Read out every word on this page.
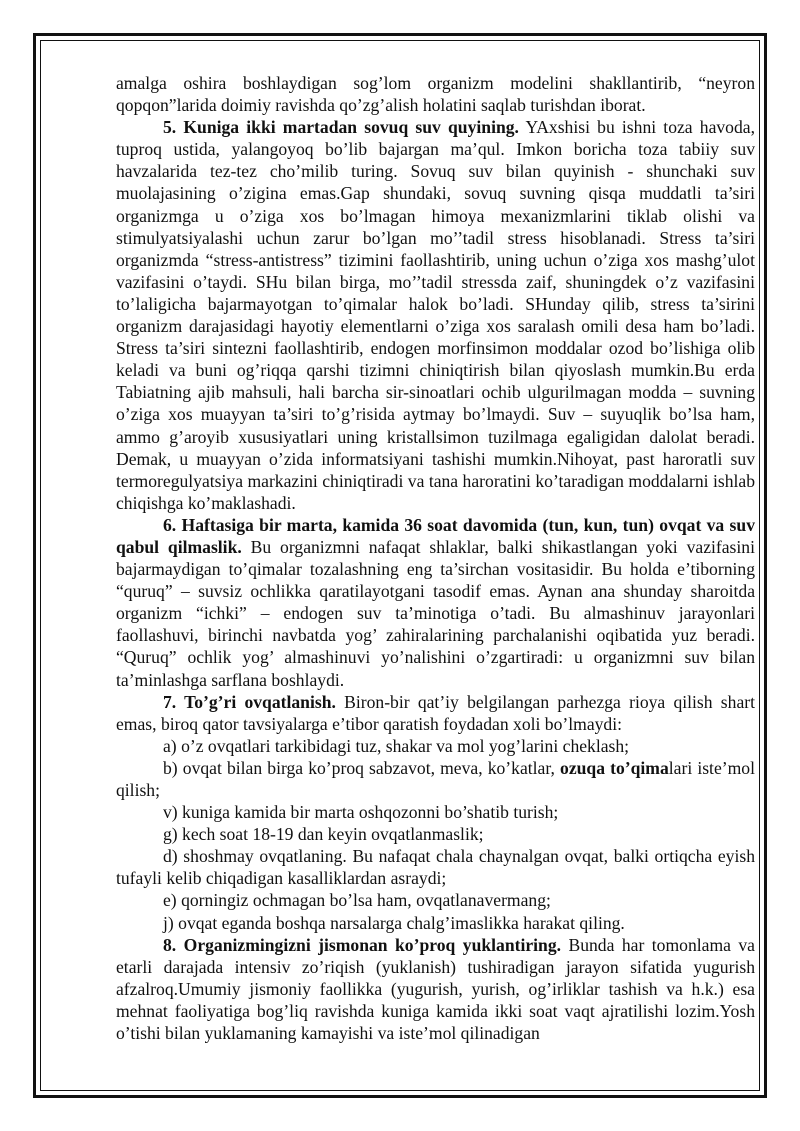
amalga oshira boshlaydigan sog’lom organizm modelini shakllantirib, “neyron qopqon”larida doimiy ravishda qo’zg’alish holatini saqlab turishdan iborat.

5. Kuniga ikki martadan sovuq suv quyining. YAxshisi bu ishni toza havoda, tuproq ustida, yalangoyoq bo’lib bajargan ma’qul. Imkon boricha toza tabiiy suv havzalarida tez-tez cho’milib turing. Sovuq suv bilan quyinish - shunchaki suv muolajasining o’zigina emas.Gap shundaki, sovuq suvning qisqa muddatli ta’siri organizmga u o’ziga xos bo’lmagan himoya mexanizmlarini tiklab olishi va stimulyatsiyalashi uchun zarur bo’lgan mo’’tadil stress hisoblanadi. Stress ta’siri organizmda “stress-antistress” tizimini faollashtirib, uning uchun o’ziga xos mashg’ulot vazifasini o’taydi. SHu bilan birga, mo’’tadil stressda zaif, shuningdek o’z vazifasini to’laligicha bajarmayotgan to’qimalar halok bo’ladi. SHunday qilib, stress ta’sirini organizm darajasidagi hayotiy elementlarni o’ziga xos saralash omili desa ham bo’ladi. Stress ta’siri sintezni faollashtirib, endogen morfinsimon moddalar ozod bo’lishiga olib keladi va buni og’riqqa qarshi tizimni chiniqtirish bilan qiyoslash mumkin.Bu erda Tabiatning ajib mahsuli, hali barcha sir-sinoatlari ochib ulgurilmagan modda – suvning o’ziga xos muayyan ta’siri to’g’risida aytmay bo’lmaydi. Suv – suyuqlik bo’lsa ham, ammo g’aroyib xususiyatlari uning kristallsimon tuzilmaga egaligidan dalolat beradi. Demak, u muayyan o’zida informatsiyani tashishi mumkin.Nihoyat, past haroratli suv termoregulyatsiya markazini chiniqtiradi va tana haroratini ko’taradigan moddalarni ishlab chiqishga ko’maklashadi.

6. Haftasiga bir marta, kamida 36 soat davomida (tun, kun, tun) ovqat va suv qabul qilmaslik. Bu organizmni nafaqat shlaklar, balki shikastlangan yoki vazifasini bajarmaydigan to’qimalar tozalashning eng ta’sirchan vositasidir. Bu holda e’tiborning “quruq” – suvsiz ochlikka qaratilayotgani tasodif emas. Aynan ana shunday sharoitda organizm “ichki” – endogen suv ta’minotiga o’tadi. Bu almashinuv jarayonlari faollashuvi, birinchi navbatda yog’ zahiralarining parchalanishi oqibatida yuz beradi. “Quruq” ochlik yog’ almashinuvi yo’nalishini o’zgartiradi: u organizmni suv bilan ta’minlashga sarflana boshlaydi.

7. To’g’ri ovqatlanish. Biron-bir qat’iy belgilangan parhezga rioya qilish shart emas, biroq qator tavsiyalarga e’tibor qaratish foydadan xoli bo’lmaydi:

a) o’z ovqatlari tarkibidagi tuz, shakar va mol yog’larini cheklash;

b) ovqat bilan birga ko’proq sabzavot, meva, ko’katlar, ozuqa to’qimalari iste’mol qilish;

v) kuniga kamida bir marta oshqozonni bo’shatib turish;

g) kech soat 18-19 dan keyin ovqatlanmaslik;

d) shoshmay ovqatlaning. Bu nafaqat chala chaynalgan ovqat, balki ortiqcha eyish tufayli kelib chiqadigan kasalliklardan asraydi;

e) qorningiz ochmagan bo’lsa ham, ovqatlanavermang;

j) ovqat eganda boshqa narsalarga chalg’imaslikka harakat qiling.

8. Organizmingizni jismonan ko’proq yuklantiring. Bunda har tomonlama va etarli darajada intensiv zo’riqish (yuklanish) tushiradigan jarayon sifatida yugurish afzalroq.Umumiy jismoniy faollikka (yugurish, yurish, og’irliklar tashish va h.k.) esa mehnat faoliyatiga bog’liq ravishda kuniga kamida ikki soat vaqt ajratilishi lozim.Yosh o’tishi bilan yuklamaning kamayishi va iste’mol qilinadigan
